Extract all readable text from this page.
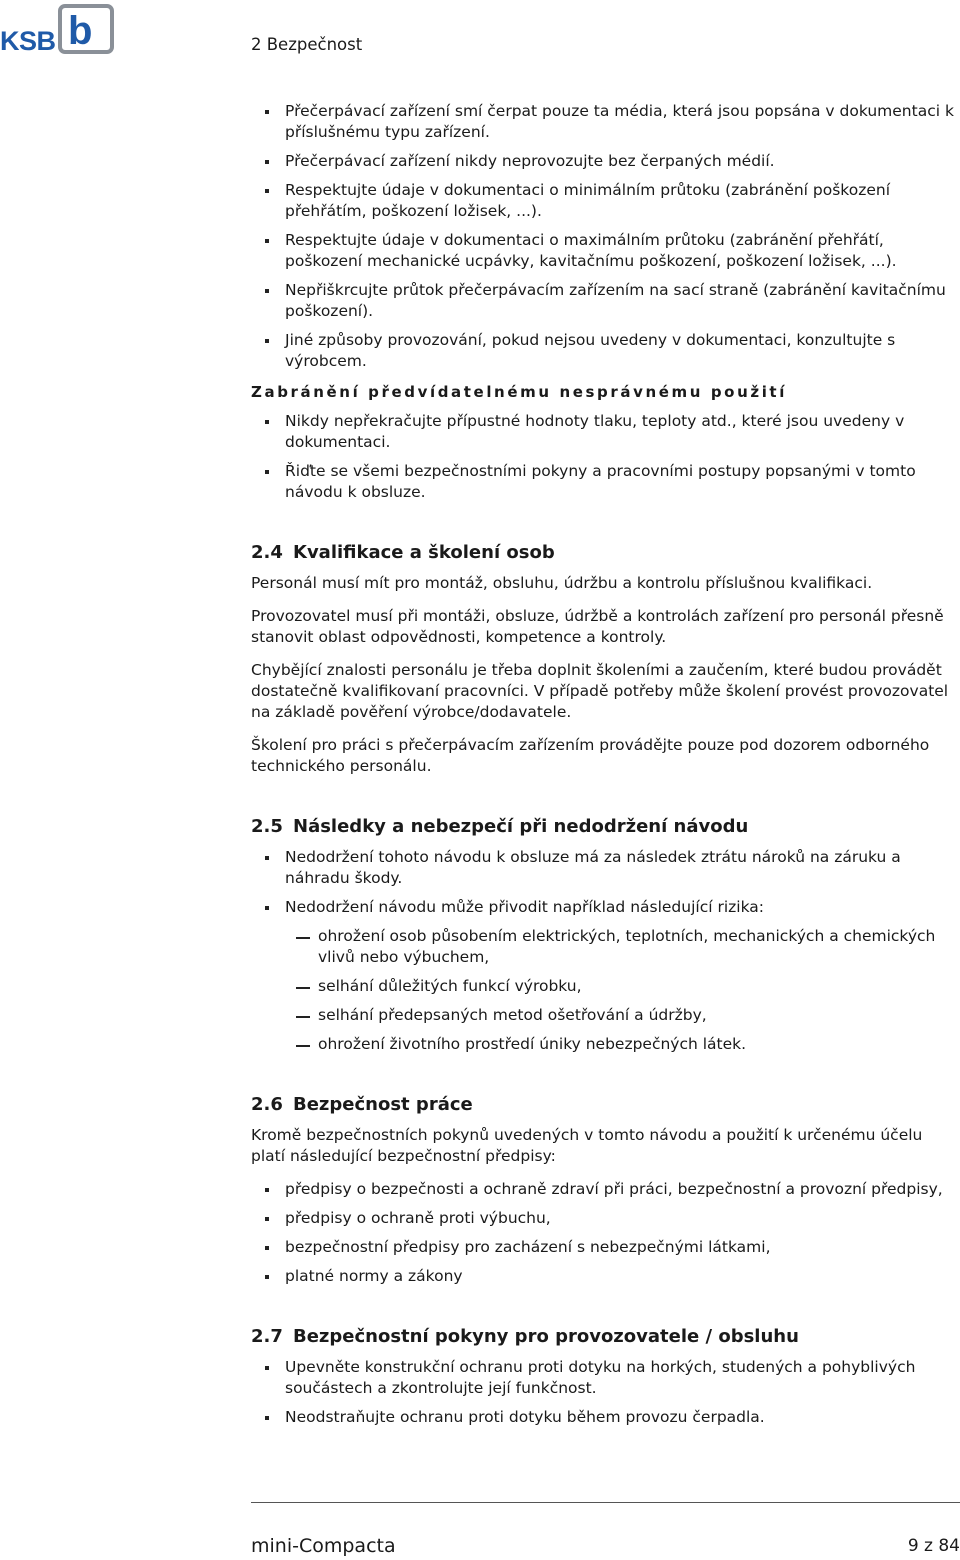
KSB b	2 Bezpečnost
Přečerpávací zařízení smí čerpat pouze ta média, která jsou popsána v dokumentaci k příslušnému typu zařízení.
Přečerpávací zařízení nikdy neprovozujte bez čerpaných médií.
Respektujte údaje v dokumentaci o minimálním průtoku (zabránění poškození přehřátím, poškození ložisek, ...).
Respektujte údaje v dokumentaci o maximálním průtoku (zabránění přehřátí, poškození mechanické ucpávky, kavitačnímu poškození, poškození ložisek, ...).
Nepřiškrcujte průtok přečerpávacím zařízením na sací straně (zabránění kavitačnímu poškození).
Jiné způsoby provozování, pokud nejsou uvedeny v dokumentaci, konzultujte s výrobcem.
Zabránění předvídatelnému nesprávnému použití
Nikdy nepřekračujte přípustné hodnoty tlaku, teploty atd., které jsou uvedeny v dokumentaci.
Řiďte se všemi bezpečnostními pokyny a pracovními postupy popsanými v tomto návodu k obsluze.
2.4 Kvalifikace a školení osob

Personál musí mít pro montáž, obsluhu, údržbu a kontrolu příslušnou kvalifikaci.

Provozovatel musí při montáži, obsluze, údržbě a kontrolách zařízení pro personál přesně stanovit oblast odpovědnosti, kompetence a kontroly.

Chybějící znalosti personálu je třeba doplnit školeními a zaučením, které budou provádět dostatečně kvalifikovaní pracovníci. V případě potřeby může školení provést provozovatel na základě pověření výrobce/dodavatele.

Školení pro práci s přečerpávacím zařízením provádějte pouze pod dozorem odborného technického personálu.

2.5 Následky a nebezpečí při nedodržení návodu
Nedodržení tohoto návodu k obsluze má za následek ztrátu nároků na záruku a náhradu škody.
Nedodržení návodu může přivodit například následující rizika:
ohrožení osob působením elektrických, teplotních, mechanických a chemických vlivů nebo výbuchem,
selhání důležitých funkcí výrobku,
selhání předepsaných metod ošetřování a údržby,
ohrožení životního prostředí úniky nebezpečných látek.
2.6 Bezpečnost práce

Kromě bezpečnostních pokynů uvedených v tomto návodu a použití k určenému účelu platí následující bezpečnostní předpisy:

předpisy o bezpečnosti a ochraně zdraví při práci, bezpečnostní a provozní předpisy,
předpisy o ochraně proti výbuchu,
bezpečnostní předpisy pro zacházení s nebezpečnými látkami,
platné normy a zákony
2.7 Bezpečnostní pokyny pro provozovatele / obsluhu
Upevněte konstrukční ochranu proti dotyku na horkých, studených a pohyblivých součástech a zkontrolujte její funkčnost.
Neodstraňujte ochranu proti dotyku během provozu čerpadla.
mini-Compacta	9 z 84
